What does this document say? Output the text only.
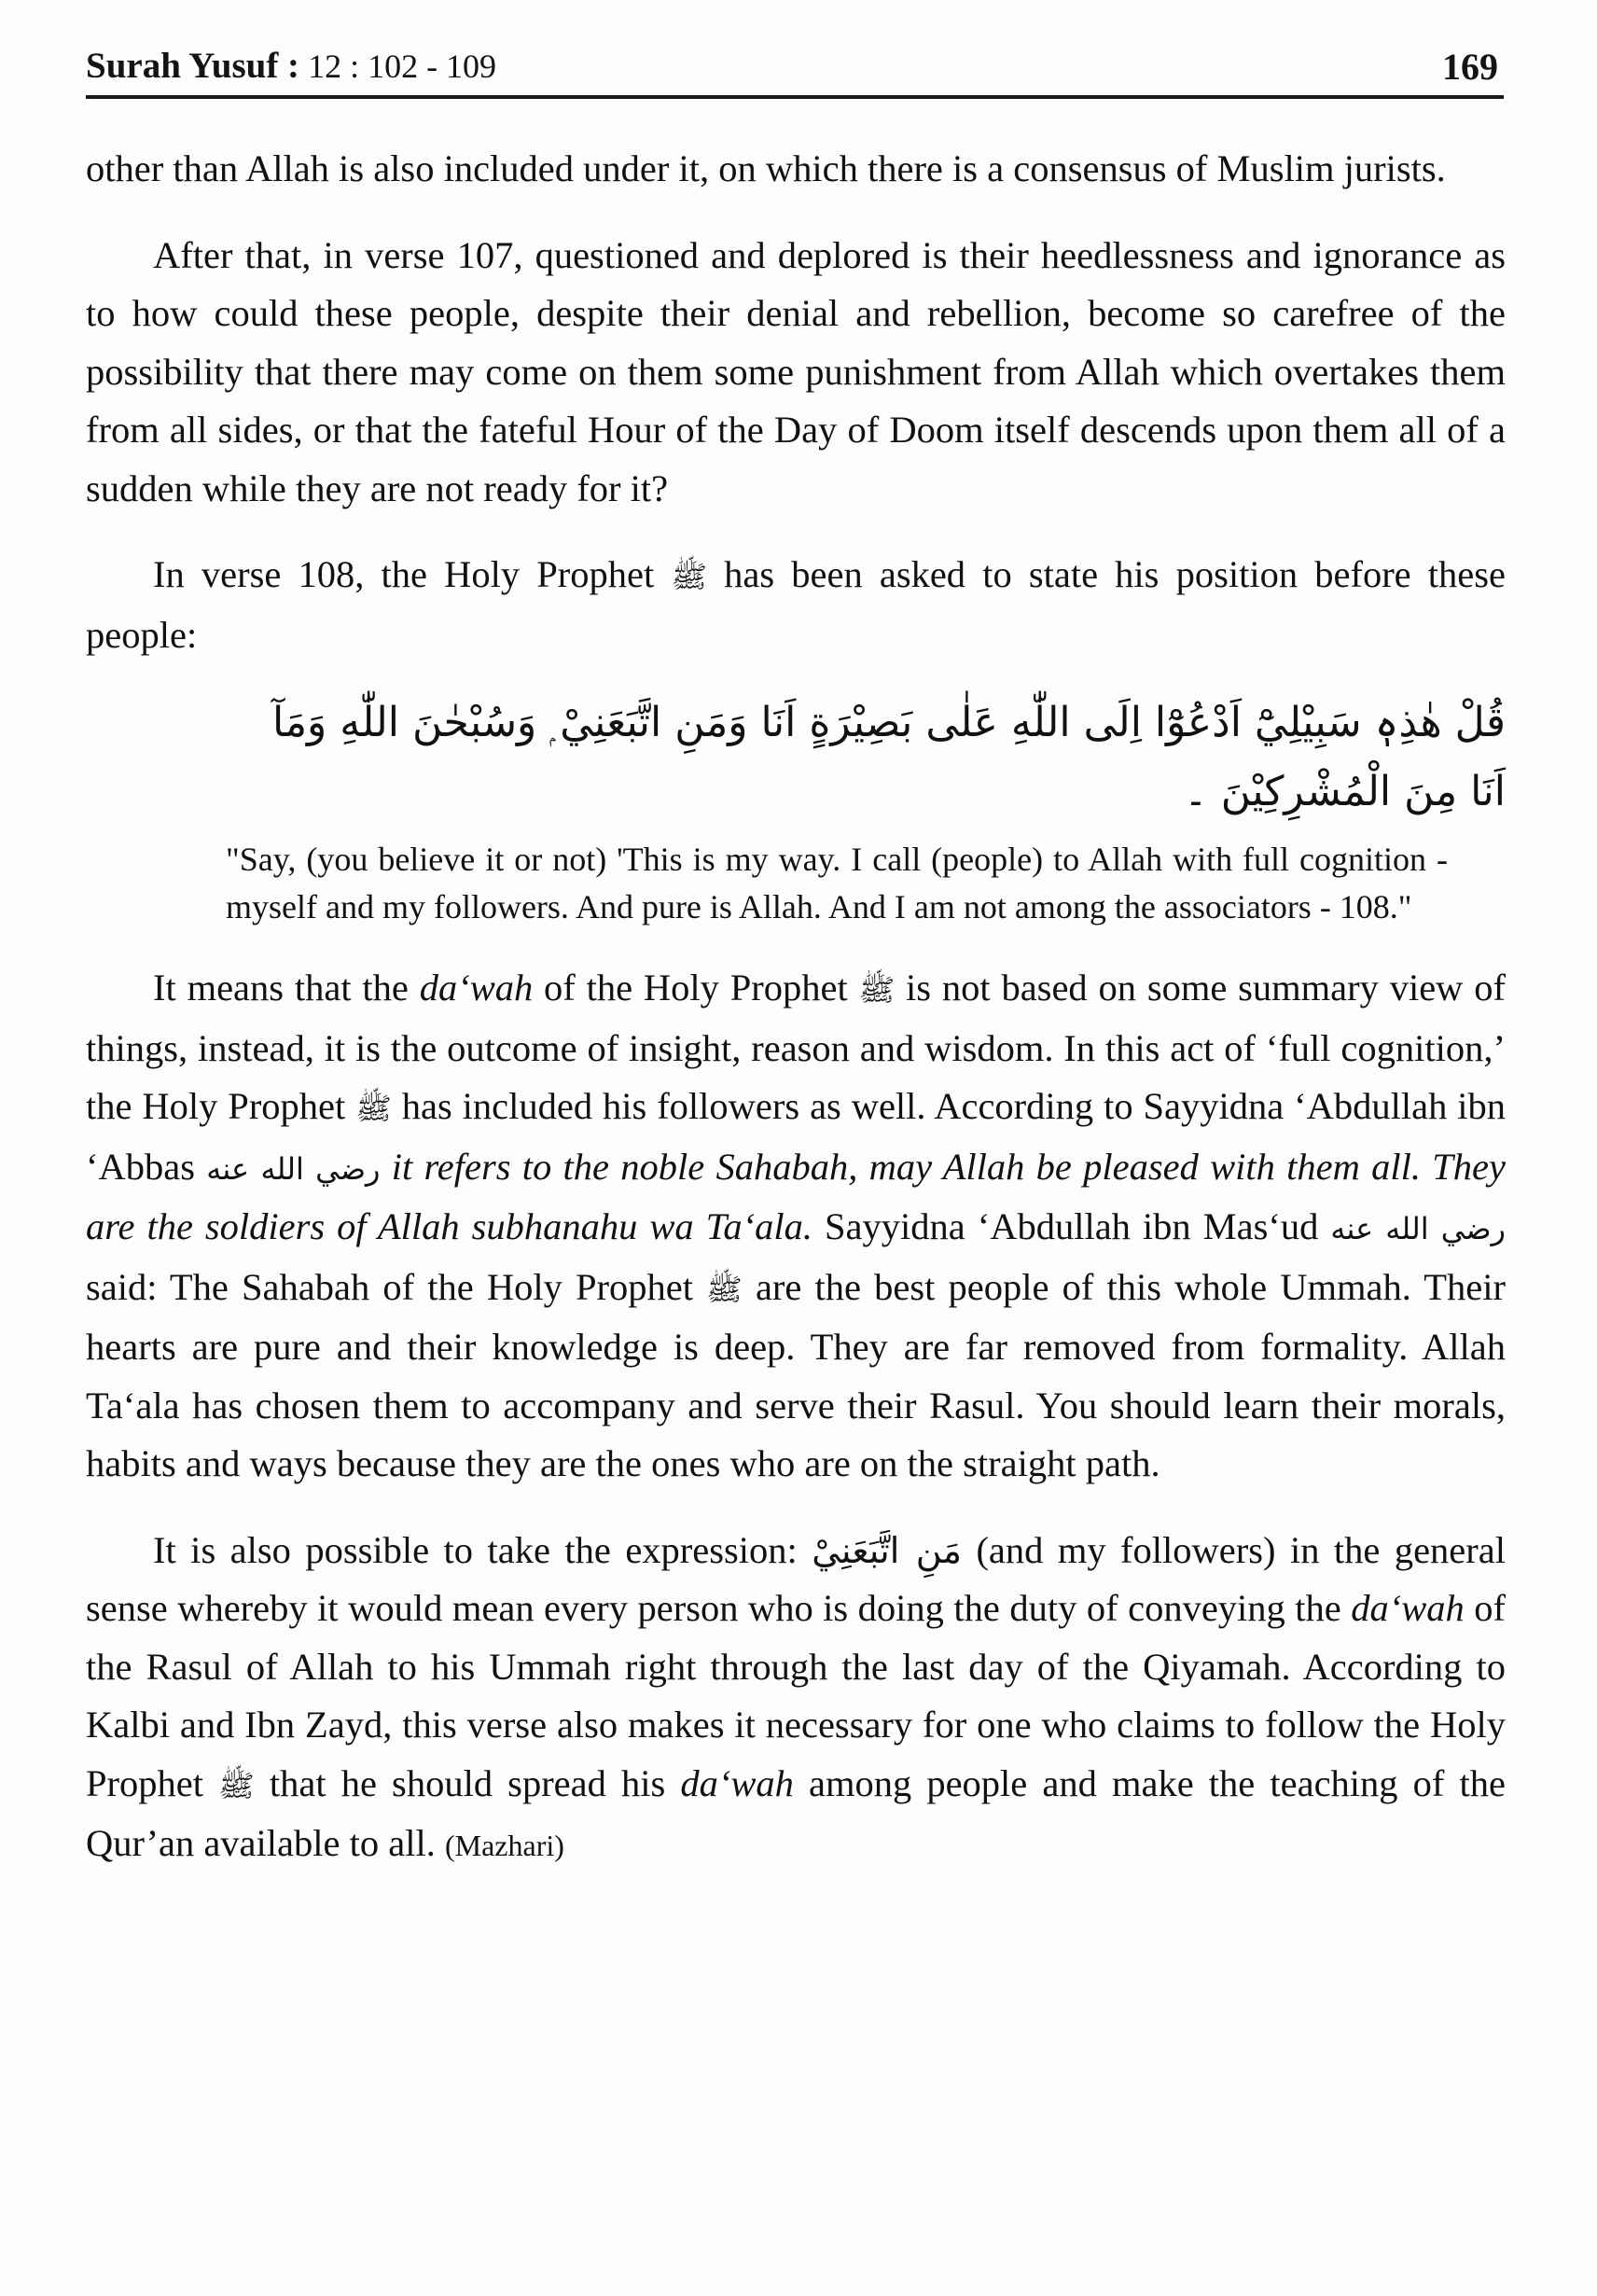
Surah Yusuf : 12 : 102 - 109	169

other than Allah is also included under it, on which there is a consensus of Muslim jurists.

After that, in verse 107, questioned and deplored is their heedlessness and ignorance as to how could these people, despite their denial and rebellion, become so carefree of the possibility that there may come on them some punishment from Allah which overtakes them from all sides, or that the fateful Hour of the Day of Doom itself descends upon them all of a sudden while they are not ready for it?

In verse 108, the Holy Prophet ﷺ has been asked to state his position before these people:

قُلْ هٰذِهٖ سَبِيْلِيْٓ اَدْعُوْٓا اِلَى اللّٰهِ عَلٰى بَصِيْرَةٍ اَنَا وَمَنِ اتَّبَعَنِيْ ۭ وَسُبْحٰنَ اللّٰهِ وَمَآ اَنَا مِنَ الْمُشْرِكِيْنَ ۔
"Say, (you believe it or not) 'This is my way. I call (people) to Allah with full cognition - myself and my followers. And pure is Allah. And I am not among the associators - 108."

It means that the da‘wah of the Holy Prophet ﷺ is not based on some summary view of things, instead, it is the outcome of insight, reason and wisdom. In this act of ‘full cognition,’ the Holy Prophet ﷺ has included his followers as well. According to Sayyidna ‘Abdullah ibn ‘Abbas رضي الله عنه it refers to the noble Sahabah, may Allah be pleased with them all. They are the soldiers of Allah subhanahu wa Ta‘ala. Sayyidna ‘Abdullah ibn Mas‘ud رضي الله عنه said: The Sahabah of the Holy Prophet ﷺ are the best people of this whole Ummah. Their hearts are pure and their knowledge is deep. They are far removed from formality. Allah Ta‘ala has chosen them to accompany and serve their Rasul. You should learn their morals, habits and ways because they are the ones who are on the straight path.

It is also possible to take the expression: مَنِ اتَّبَعَنِيْ (and my followers) in the general sense whereby it would mean every person who is doing the duty of conveying the da‘wah of the Rasul of Allah to his Ummah right through the last day of the Qiyamah. According to Kalbi and Ibn Zayd, this verse also makes it necessary for one who claims to follow the Holy Prophet ﷺ that he should spread his da‘wah among people and make the teaching of the Qur’an available to all. (Mazhari)
